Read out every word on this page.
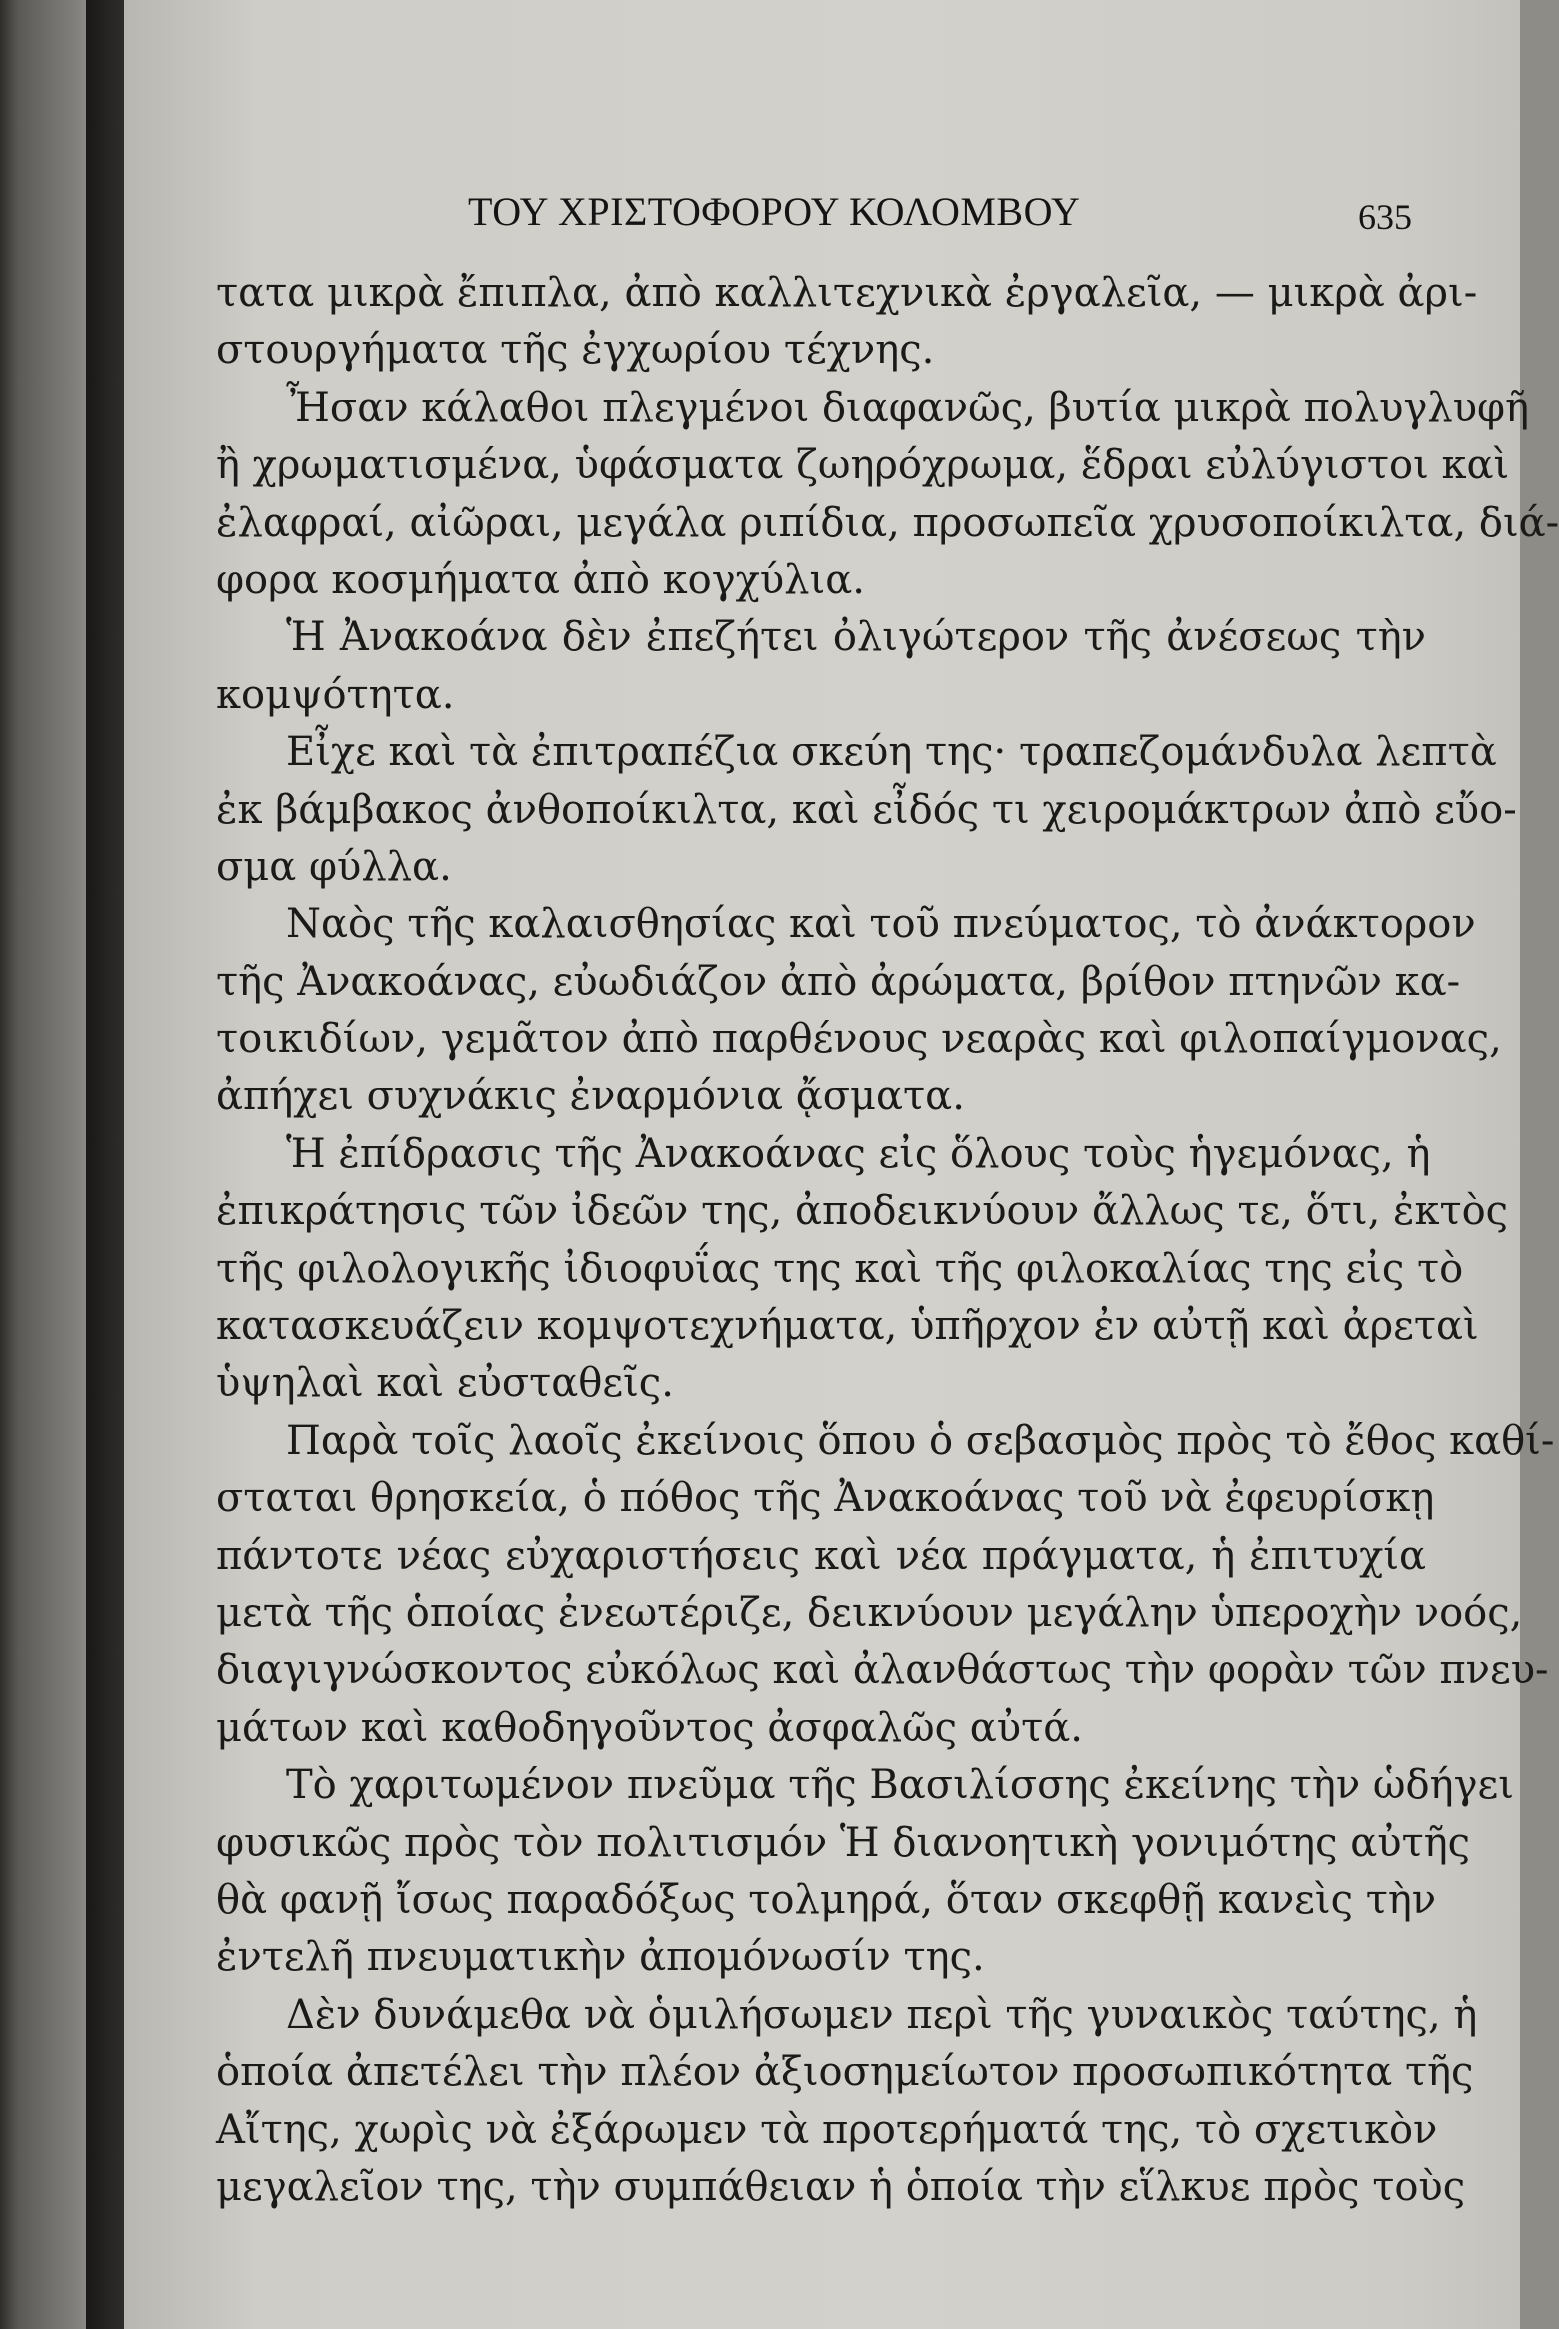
ΤΟΥ ΧΡΙΣΤΟΦΟΡΟΥ ΚΟΛΟΜΒΟΥ	635
τατα μικρὰ ἔπιπλα, ἀπὸ καλλιτεχνικὰ ἐργαλεῖα, — μικρὰ ἀρι-
στουργήματα τῆς ἐγχωρίου τέχνης.
Ἦσαν κάλαθοι πλεγμένοι διαφανῶς, βυτία μικρὰ πολυγλυφῆ
ἢ χρωματισμένα, ὑφάσματα ζωηρόχρωμα, ἕδραι εὐλύγιστοι καὶ
ἐλαφραί, αἰῶραι, μεγάλα ριπίδια, προσωπεῖα χρυσοποίκιλτα, διά-
φορα κοσμήματα ἀπὸ κογχύλια.
Ἡ Ἀνακοάνα δὲν ἐπεζήτει ὀλιγώτερον τῆς ἀνέσεως τὴν
κομψότητα.
Εἶχε καὶ τὰ ἐπιτραπέζια σκεύη της· τραπεζομάνδυλα λεπτὰ
ἐκ βάμβακος ἀνθοποίκιλτα, καὶ εἶδός τι χειρομάκτρων ἀπὸ εὔο-
σμα φύλλα.
Ναὸς τῆς καλαισθησίας καὶ τοῦ πνεύματος, τὸ ἀνάκτορον
τῆς Ἀνακοάνας, εὐωδιάζον ἀπὸ ἀρώματα, βρίθον πτηνῶν κα-
τοικιδίων, γεμᾶτον ἀπὸ παρθένους νεαρὰς καὶ φιλοπαίγμονας,
ἀπήχει συχνάκις ἐναρμόνια ᾄσματα.
Ἡ ἐπίδρασις τῆς Ἀνακοάνας εἰς ὅλους τοὺς ἡγεμόνας, ἡ
ἐπικράτησις τῶν ἰδεῶν της, ἀποδεικνύουν ἄλλως τε, ὅτι, ἐκτὸς
τῆς φιλολογικῆς ἰδιοφυΐας της καὶ τῆς φιλοκαλίας της εἰς τὸ
κατασκευάζειν κομψοτεχνήματα, ὑπῆρχον ἐν αὐτῇ καὶ ἀρεταὶ
ὑψηλαὶ καὶ εὐσταθεῖς.
Παρὰ τοῖς λαοῖς ἐκείνοις ὅπου ὁ σεβασμὸς πρὸς τὸ ἔθος καθί-
σταται θρησκεία, ὁ πόθος τῆς Ἀνακοάνας τοῦ νὰ ἐφευρίσκῃ
πάντοτε νέας εὐχαριστήσεις καὶ νέα πράγματα, ἡ ἐπιτυχία
μετὰ τῆς ὁποίας ἐνεωτέριζε, δεικνύουν μεγάλην ὑπεροχὴν νοός,
διαγιγνώσκοντος εὐκόλως καὶ ἀλανθάστως τὴν φορὰν τῶν πνευ-
μάτων καὶ καθοδηγοῦντος ἀσφαλῶς αὐτά.
Τὸ χαριτωμένον πνεῦμα τῆς Βασιλίσσης ἐκείνης τὴν ὡδήγει
φυσικῶς πρὸς τὸν πολιτισμόν Ἡ διανοητικὴ γονιμότης αὐτῆς
θὰ φανῇ ἴσως παραδόξως τολμηρά, ὅταν σκεφθῇ κανεὶς τὴν
ἐντελῆ πνευματικὴν ἀπομόνωσίν της.
Δὲν δυνάμεθα νὰ ὁμιλήσωμεν περὶ τῆς γυναικὸς ταύτης, ἡ
ὁποία ἀπετέλει τὴν πλέον ἀξιοσημείωτον προσωπικότητα τῆς
Αἴτης, χωρὶς νὰ ἐξάρωμεν τὰ προτερήματά της, τὸ σχετικὸν
μεγαλεῖον της, τὴν συμπάθειαν ἡ ὁποία τὴν εἵλκυε πρὸς τοὺς
